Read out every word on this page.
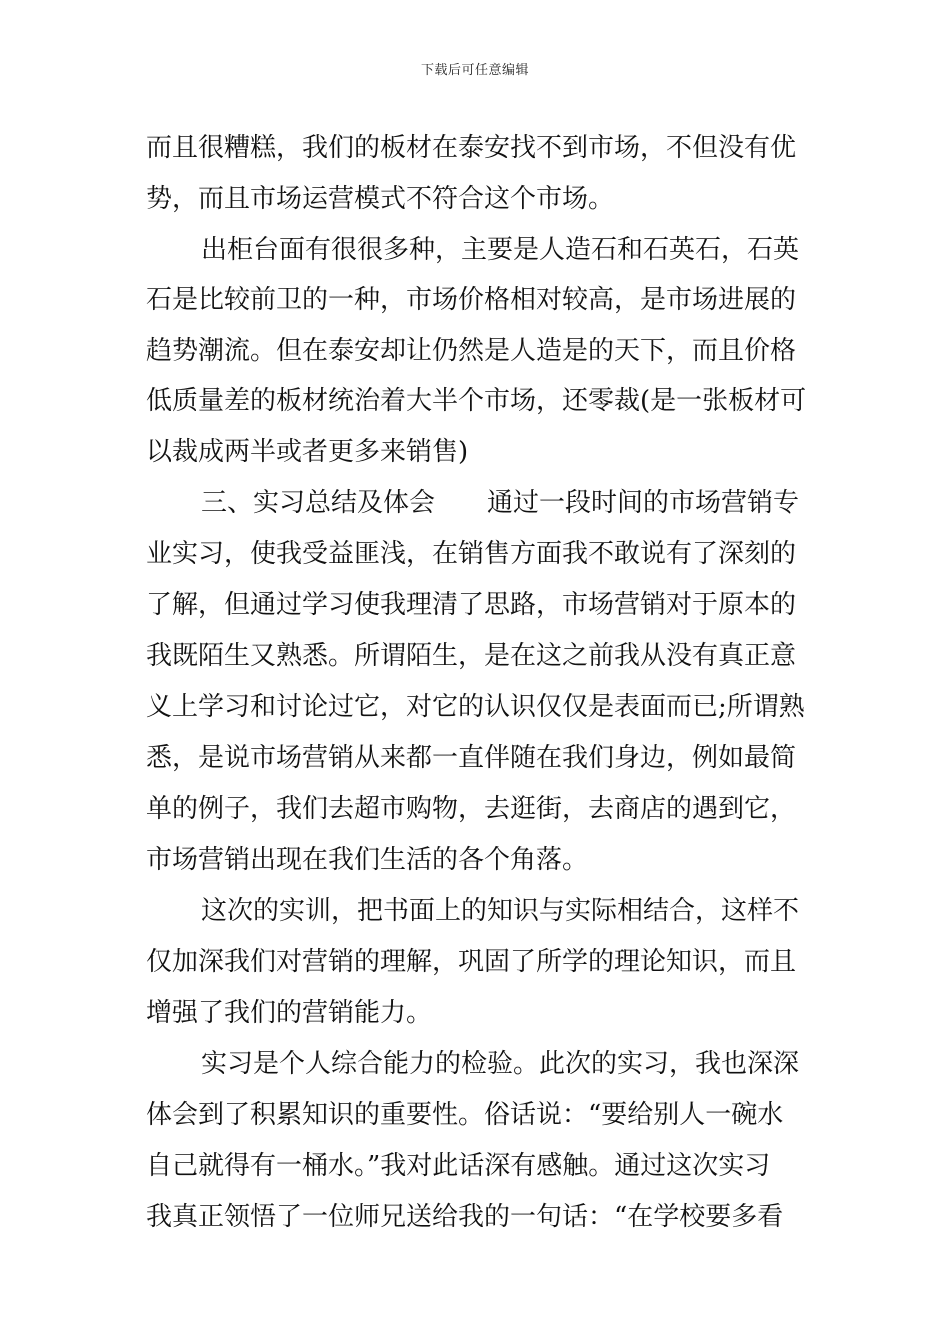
下载后可任意编辑
而且很糟糕，我们的板材在泰安找不到市场，不但没有优
势，而且市场运营模式不符合这个市场。
出柜台面有很很多种，主要是人造石和石英石，石英
石是比较前卫的一种，市场价格相对较高，是市场进展的
趋势潮流。但在泰安却让仍然是人造是的天下，而且价格
低质量差的板材统治着大半个市场，还零裁(是一张板材可
以裁成两半或者更多来销售)
三、实习总结及体会　　通过一段时间的市场营销专
业实习，使我受益匪浅，在销售方面我不敢说有了深刻的
了解，但通过学习使我理清了思路，市场营销对于原本的
我既陌生又熟悉。所谓陌生，是在这之前我从没有真正意
义上学习和讨论过它，对它的认识仅仅是表面而已;所谓熟
悉，是说市场营销从来都一直伴随在我们身边，例如最简
单的例子，我们去超市购物，去逛街，去商店的遇到它，
市场营销出现在我们生活的各个角落。
这次的实训，把书面上的知识与实际相结合，这样不
仅加深我们对营销的理解，巩固了所学的理论知识，而且
增强了我们的营销能力。
实习是个人综合能力的检验。此次的实习，我也深深
体会到了积累知识的重要性。俗话说：“要给别人一碗水
自己就得有一桶水。”我对此话深有感触。通过这次实习
我真正领悟了一位师兄送给我的一句话：“在学校要多看
